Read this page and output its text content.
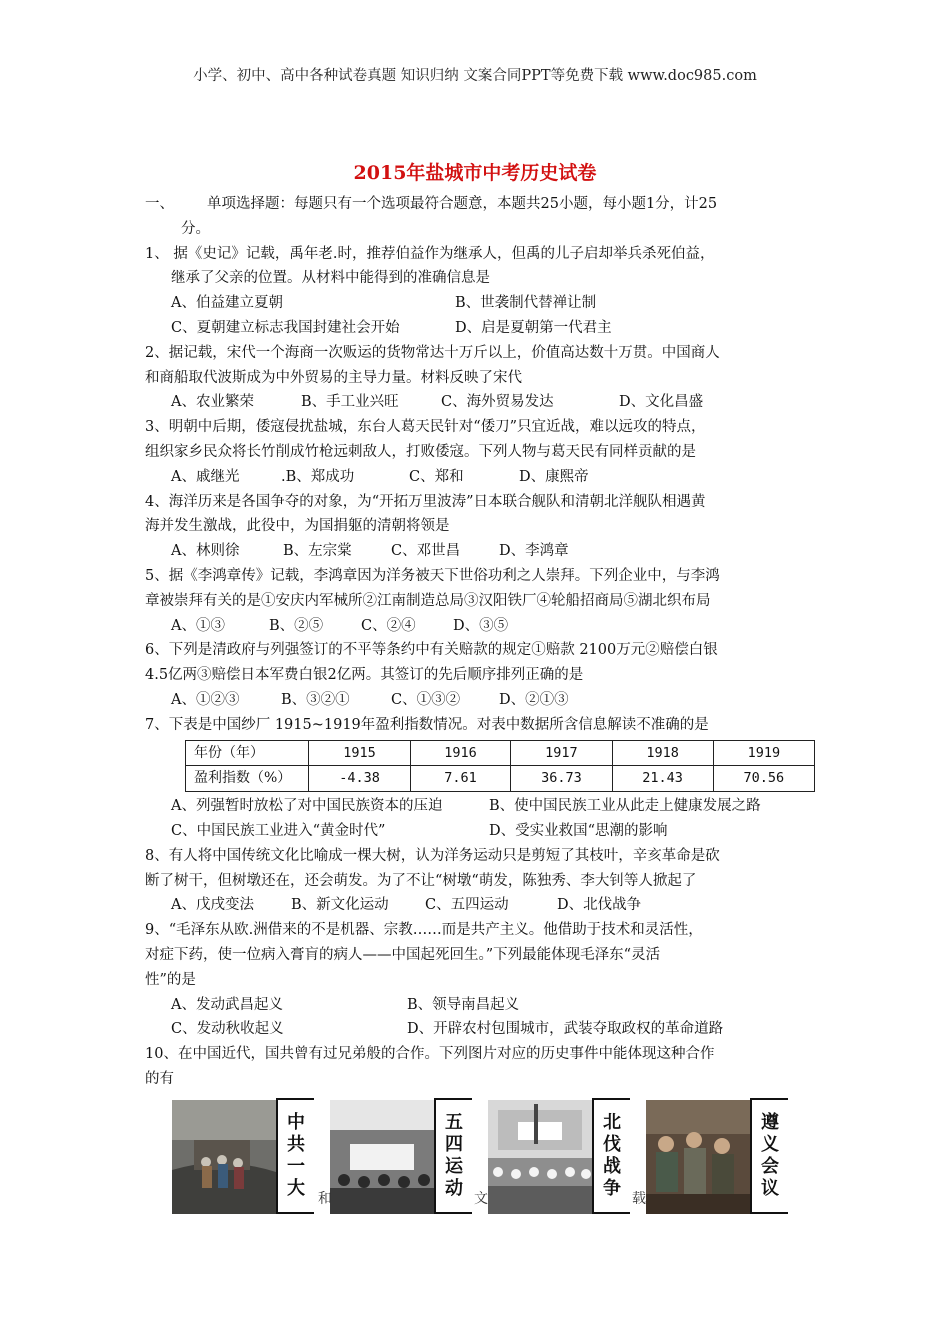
小学、初中、高中各种试卷真题 知识归纳 文案合同PPT等免费下载 www.doc985.com
2015年盐城市中考历史试卷
一、	单项选择题：每题只有一个选项最符合题意，本题共25小题，每小题1分，计25

分。

1、 据《史记》记载，禹年老.时，推荐伯益作为继承人，但禹的儿子启却举兵杀死伯益，

继承了父亲的位置。从材料中能得到的准确信息是

A、伯益建立夏朝	B、世袭制代替禅让制
C、夏朝建立标志我国封建社会开始	D、启是夏朝第一代君主

2、据记载，宋代一个海商一次贩运的货物常达十万斤以上，价值高达数十万贯。中国商人

和商船取代波斯成为中外贸易的主导力量。材料反映了宋代

A、农业繁荣	B、手工业兴旺	C、海外贸易发达	D、文化昌盛

3、明朝中后期，倭寇侵扰盐城，东台人葛天民针对“倭刀”只宜近战，难以远攻的特点，

组织家乡民众将长竹削成竹枪远刺敌人，打败倭寇。下列人物与葛天民有同样贡献的是

A、戚继光	.B、郑成功	C、郑和	D、康熙帝

4、海洋历来是各国争夺的对象，为“开拓万里波涛”日本联合舰队和清朝北洋舰队相遇黄

海并发生激战，此役中，为国捐躯的清朝将领是

A、林则徐	B、左宗棠	C、邓世昌	D、李鸿章

5、据《李鸿章传》记载，李鸿章因为洋务被天下世俗功利之人崇拜。下列企业中，与李鸿

章被崇拜有关的是①安庆内军械所②江南制造总局③汉阳铁厂④轮船招商局⑤湖北织布局

A、①③	B、②⑤	C、②④	D、③⑤

6、下列是清政府与列强签订的不平等条约中有关赔款的规定①赔款 2100万元②赔偿白银

4.5亿两③赔偿日本军费白银2亿两。其签订的先后顺序排列正确的是

A、①②③	B、③②①	C、①③②	D、②①③

7、下表是中国纱厂 1915~1919年盈利指数情况。对表中数据所含信息解读不准确的是

年份（年）	1915	1916	1917	1918	1919
盈利指数（%）	-4.38	7.61	36.73	21.43	70.56
A、列强暂时放松了对中国民族资本的压迫	B、使中国民族工业从此走上健康发展之路
C、中国民族工业进入“黄金时代”	D、受实业救国“思潮的影响

8、有人将中国传统文化比喻成一棵大树，认为洋务运动只是剪短了其枝叶，辛亥革命是砍

断了树干，但树墩还在，还会萌发。为了不让“树墩“萌发，陈独秀、李大钊等人掀起了

A、戊戌变法	B、新文化运动	C、五四运动	D、北伐战争

9、“毛泽东从欧.洲借来的不是机器、宗教……而是共产主义。他借助于技术和灵活性，

对症下药，使一位病入膏肓的病人——中国起死回生。”下列最能体现毛泽东“灵活

性”的是

A、发动武昌起义	B、领导南昌起义
C、发动秋收起义	D、开辟农村包围城市，武装夺取政权的革命道路

10、在中国近代，国共曾有过兄弟般的合作。下列图片对应的历史事件中能体现这种合作

的有

中共一大
五四运动
北伐战争
遵义会议
和	文	载
